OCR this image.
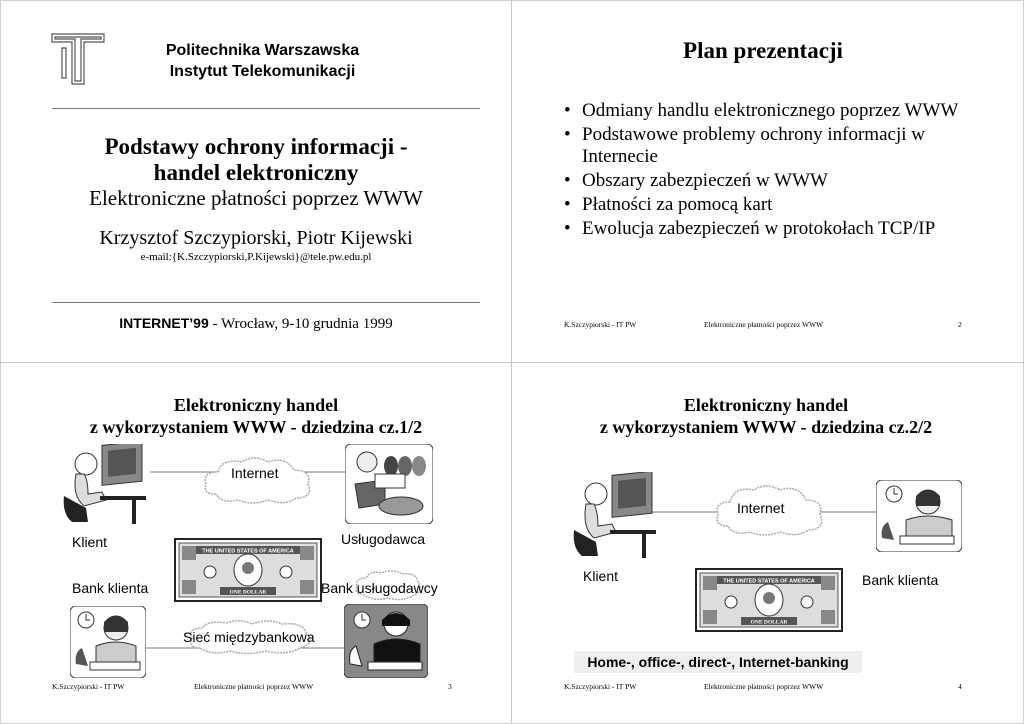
Politechnika Warszawska
Instytut Telekomunikacji
Podstawy ochrony informacji -
handel elektroniczny
Elektroniczne płatności poprzez WWW
Krzysztof Szczypiorski, Piotr Kijewski
e-mail:{K.Szczypiorski,P.Kijewski}@tele.pw.edu.pl
INTERNET’99 - Wrocław, 9-10 grudnia 1999
Plan prezentacji
• Odmiany handlu elektronicznego poprzez WWW
• Podstawowe problemy ochrony informacji w Internecie
• Obszary zabezpieczeń w WWW
• Płatności za pomocą kart
• Ewolucja zabezpieczeń w protokołach TCP/IP
K.Szczypiorski - IT PW	Elektroniczne płatności poprzez WWW	2
Elektroniczny handel
z wykorzystaniem WWW - dziedzina cz.1/2
Internet
Klient	Usługodawca
THE UNITED STATES OF AMERICA
ONE DOLLAR
Bank klienta	Bank usługodawcy
Sieć międzybankowa
K.Szczypiorski - IT PW	Elektroniczne płatności poprzez WWW	3
Elektroniczny handel
z wykorzystaniem WWW - dziedzina cz.2/2
Internet
Klient	Bank klienta
THE UNITED STATES OF AMERICA
ONE DOLLAR
Home-, office-, direct-, Internet-banking
K.Szczypiorski - IT PW	Elektroniczne płatności poprzez WWW	4
